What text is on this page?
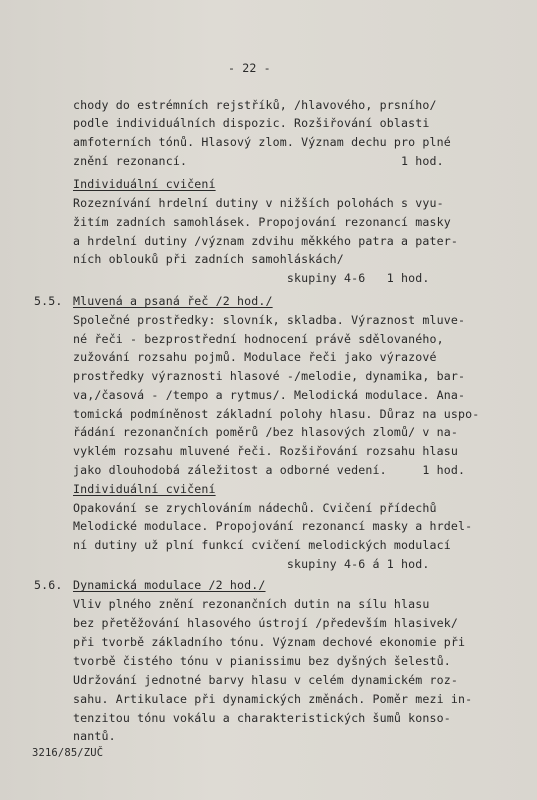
- 22 -
chody do estrémních rejstříků, /hlavového, prsního/
podle individuálních dispozic. Rozšiřování oblasti
amfoterních tónů. Hlasový zlom. Význam dechu pro plné
znění rezonancí.                              1 hod.
Individuální cvičení
Rozeznívání hrdelní dutiny v nižších polohách s vyu-
žitím zadních samohlásek. Propojování rezonancí masky
a hrdelní dutiny /význam zdvihu měkkého patra a pater-
ních oblouků při zadních samohláskách/
skupiny 4-6   1 hod.
5.5. Mluvená a psaná řeč /2 hod./
Společné prostředky: slovník, skladba. Výraznost mluve-
né řeči - bezprostřední hodnocení právě sdělovaného,
zužování rozsahu pojmů. Modulace řeči jako výrazové
prostředky výraznosti hlasové -/melodie, dynamika, bar-
va,/časová - /tempo a rytmus/. Melodická modulace. Ana-
tomická podmíněnost základní polohy hlasu. Důraz na uspo-
řádání rezonančních poměrů /bez hlasových zlomů/ v na-
vyklém rozsahu mluvené řeči. Rozšiřování rozsahu hlasu
jako dlouhodobá záležitost a odborné vedení.     1 hod.
Individuální cvičení
Opakování se zrychlováním nádechů. Cvičení přídechů
Melodické modulace. Propojování rezonancí masky a hrdel-
ní dutiny už plní funkcí cvičení melodických modulací
skupiny 4-6 á 1 hod.
5.6. Dynamická modulace /2 hod./
Vliv plného znění rezonančních dutin na sílu hlasu
bez přetěžování hlasového ústrojí /především hlasivek/
při tvorbě základního tónu. Význam dechové ekonomie při
tvorbě čistého tónu v pianissimu bez dyšných šelestů.
Udržování jednotné barvy hlasu v celém dynamickém roz-
sahu. Artikulace při dynamických změnách. Poměr mezi in-
tenzitou tónu vokálu a charakteristických šumů konso-
nantů.
3216/85/ZUČ
